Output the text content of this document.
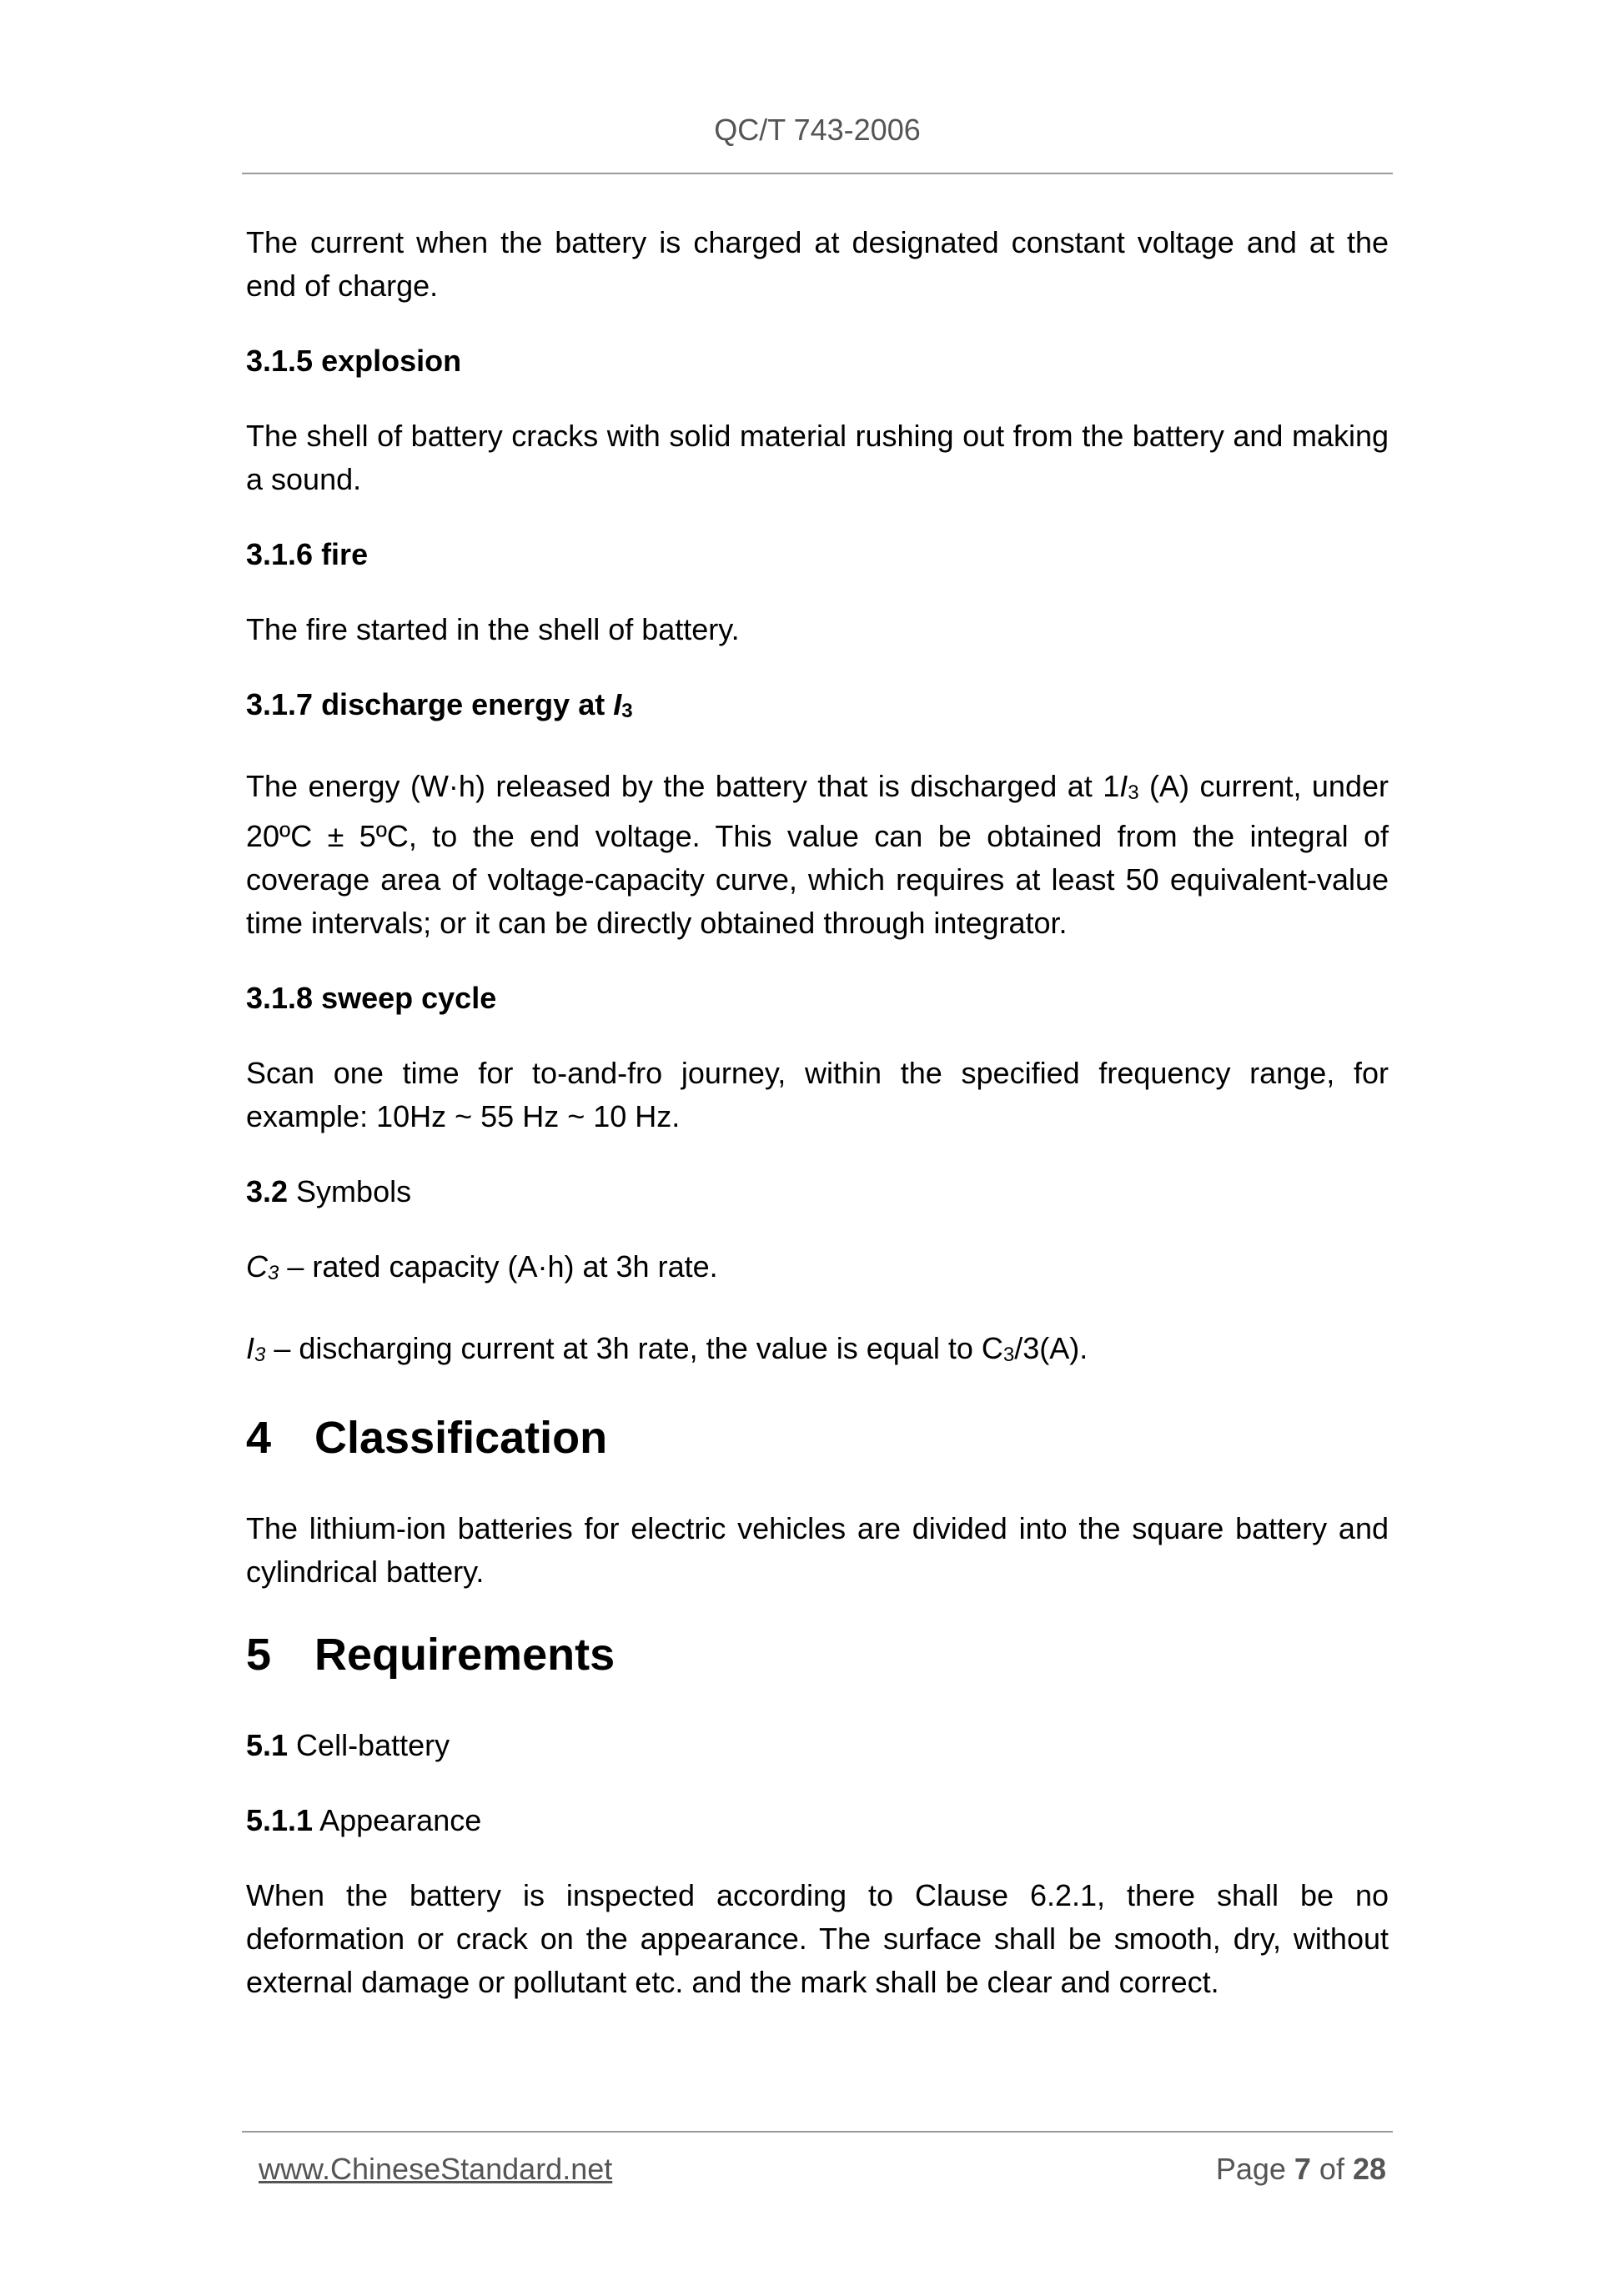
QC/T 743-2006

The current when the battery is charged at designated constant voltage and at the end of charge.

3.1.5 explosion

The shell of battery cracks with solid material rushing out from the battery and making a sound.

3.1.6 fire

The fire started in the shell of battery.

3.1.7 discharge energy at I3

The energy (W·h) released by the battery that is discharged at 1I3 (A) current, under 20ºC ± 5ºC, to the end voltage. This value can be obtained from the integral of coverage area of voltage-capacity curve, which requires at least 50 equivalent-value time intervals; or it can be directly obtained through integrator.

3.1.8 sweep cycle

Scan one time for to-and-fro journey, within the specified frequency range, for example: 10Hz ~ 55 Hz ~ 10 Hz.

3.2 Symbols

C3 – rated capacity (A·h) at 3h rate.

I3 – discharging current at 3h rate, the value is equal to C3/3(A).

4 Classification

The lithium-ion batteries for electric vehicles are divided into the square battery and cylindrical battery.

5 Requirements

5.1 Cell-battery

5.1.1 Appearance

When the battery is inspected according to Clause 6.2.1, there shall be no deformation or crack on the appearance. The surface shall be smooth, dry, without external damage or pollutant etc. and the mark shall be clear and correct.

www.ChineseStandard.net	Page 7 of 28
